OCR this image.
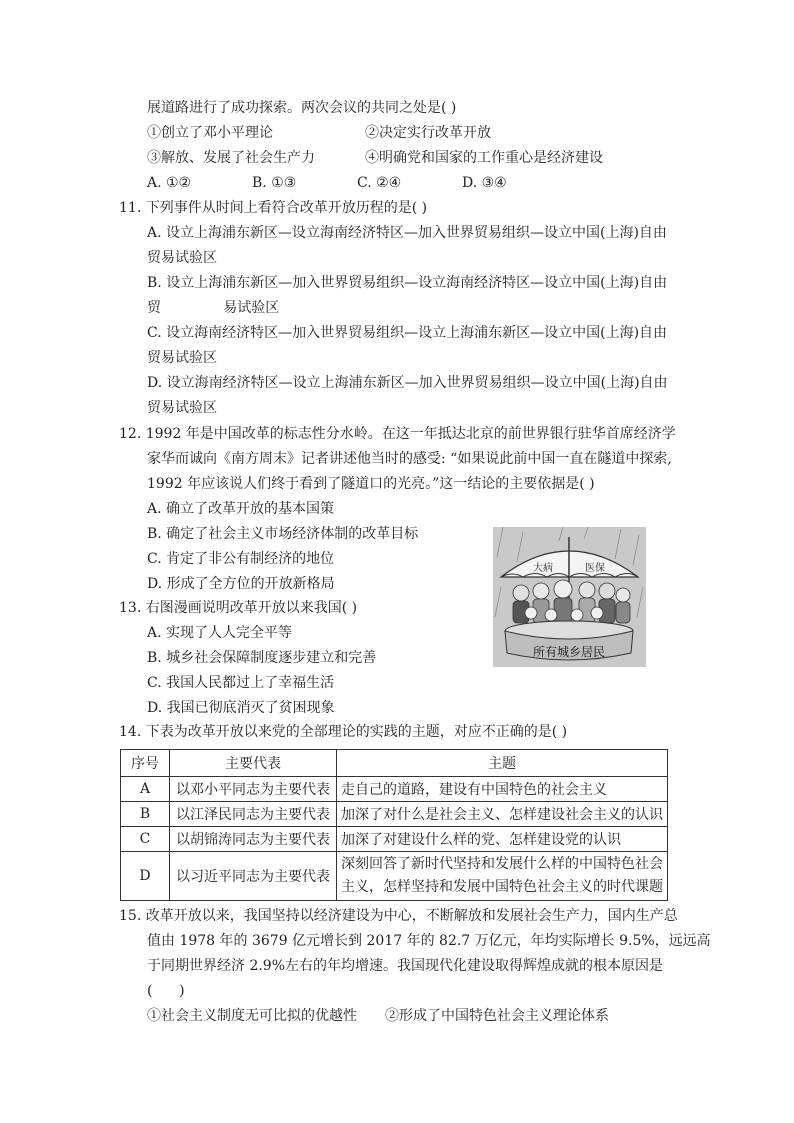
展道路进行了成功探索。两次会议的共同之处是( )
①创立了邓小平理论	②决定实行改革开放
③解放、发展了社会生产力	④明确党和国家的工作重心是经济建设
A. ①②	B. ①③	C. ②④	D. ③④
11. 下列事件从时间上看符合改革开放历程的是( )
A. 设立上海浦东新区—设立海南经济特区—加入世界贸易组织—设立中国(上海)自由
贸易试验区
B. 设立上海浦东新区—加入世界贸易组织—设立海南经济特区—设立中国(上海)自由
贸              易试验区
C. 设立海南经济特区—加入世界贸易组织—设立上海浦东新区—设立中国(上海)自由
贸易试验区
D. 设立海南经济特区—设立上海浦东新区—加入世界贸易组织—设立中国(上海)自由
贸易试验区
12. 1992 年是中国改革的标志性分水岭。在这一年抵达北京的前世界银行驻华首席经济学
家华而诚向《南方周末》记者讲述他当时的感受: “如果说此前中国一直在隧道中探索,
1992 年应该说人们终于看到了隧道口的光亮。”这一结论的主要依据是( )
A. 确立了改革开放的基本国策
B. 确定了社会主义市场经济体制的改革目标
C. 肯定了非公有制经济的地位
D. 形成了全方位的开放新格局
13. 右图漫画说明改革开放以来我国( )
A. 实现了人人完全平等
B. 城乡社会保障制度逐步建立和完善
C. 我国人民都过上了幸福生活
D. 我国已彻底消灭了贫困现象
大病	医保
所有城乡居民
14. 下表为改革开放以来党的全部理论的实践的主题，对应不正确的是( )
序号	主要代表	主题
A	以邓小平同志为主要代表	走自己的道路，建设有中国特色的社会主义
B	以江泽民同志为主要代表	加深了对什么是社会主义、怎样建设社会主义的认识
C	以胡锦涛同志为主要代表	加深了对建设什么样的党、怎样建设党的认识
D	以习近平同志为主要代表	深刻回答了新时代坚持和发展什么样的中国特色社会
主义，怎样坚持和发展中国特色社会主义的时代课题
15. 改革开放以来，我国坚持以经济建设为中心，不断解放和发展社会生产力，国内生产总
值由 1978 年的 3679 亿元增长到 2017 年的 82.7 万亿元，年均实际增长 9.5%，远远高
于同期世界经济 2.9%左右的年均增速。我国现代化建设取得辉煌成就的根本原因是
(      )
①社会主义制度无可比拟的优越性 ②形成了中国特色社会主义理论体系
